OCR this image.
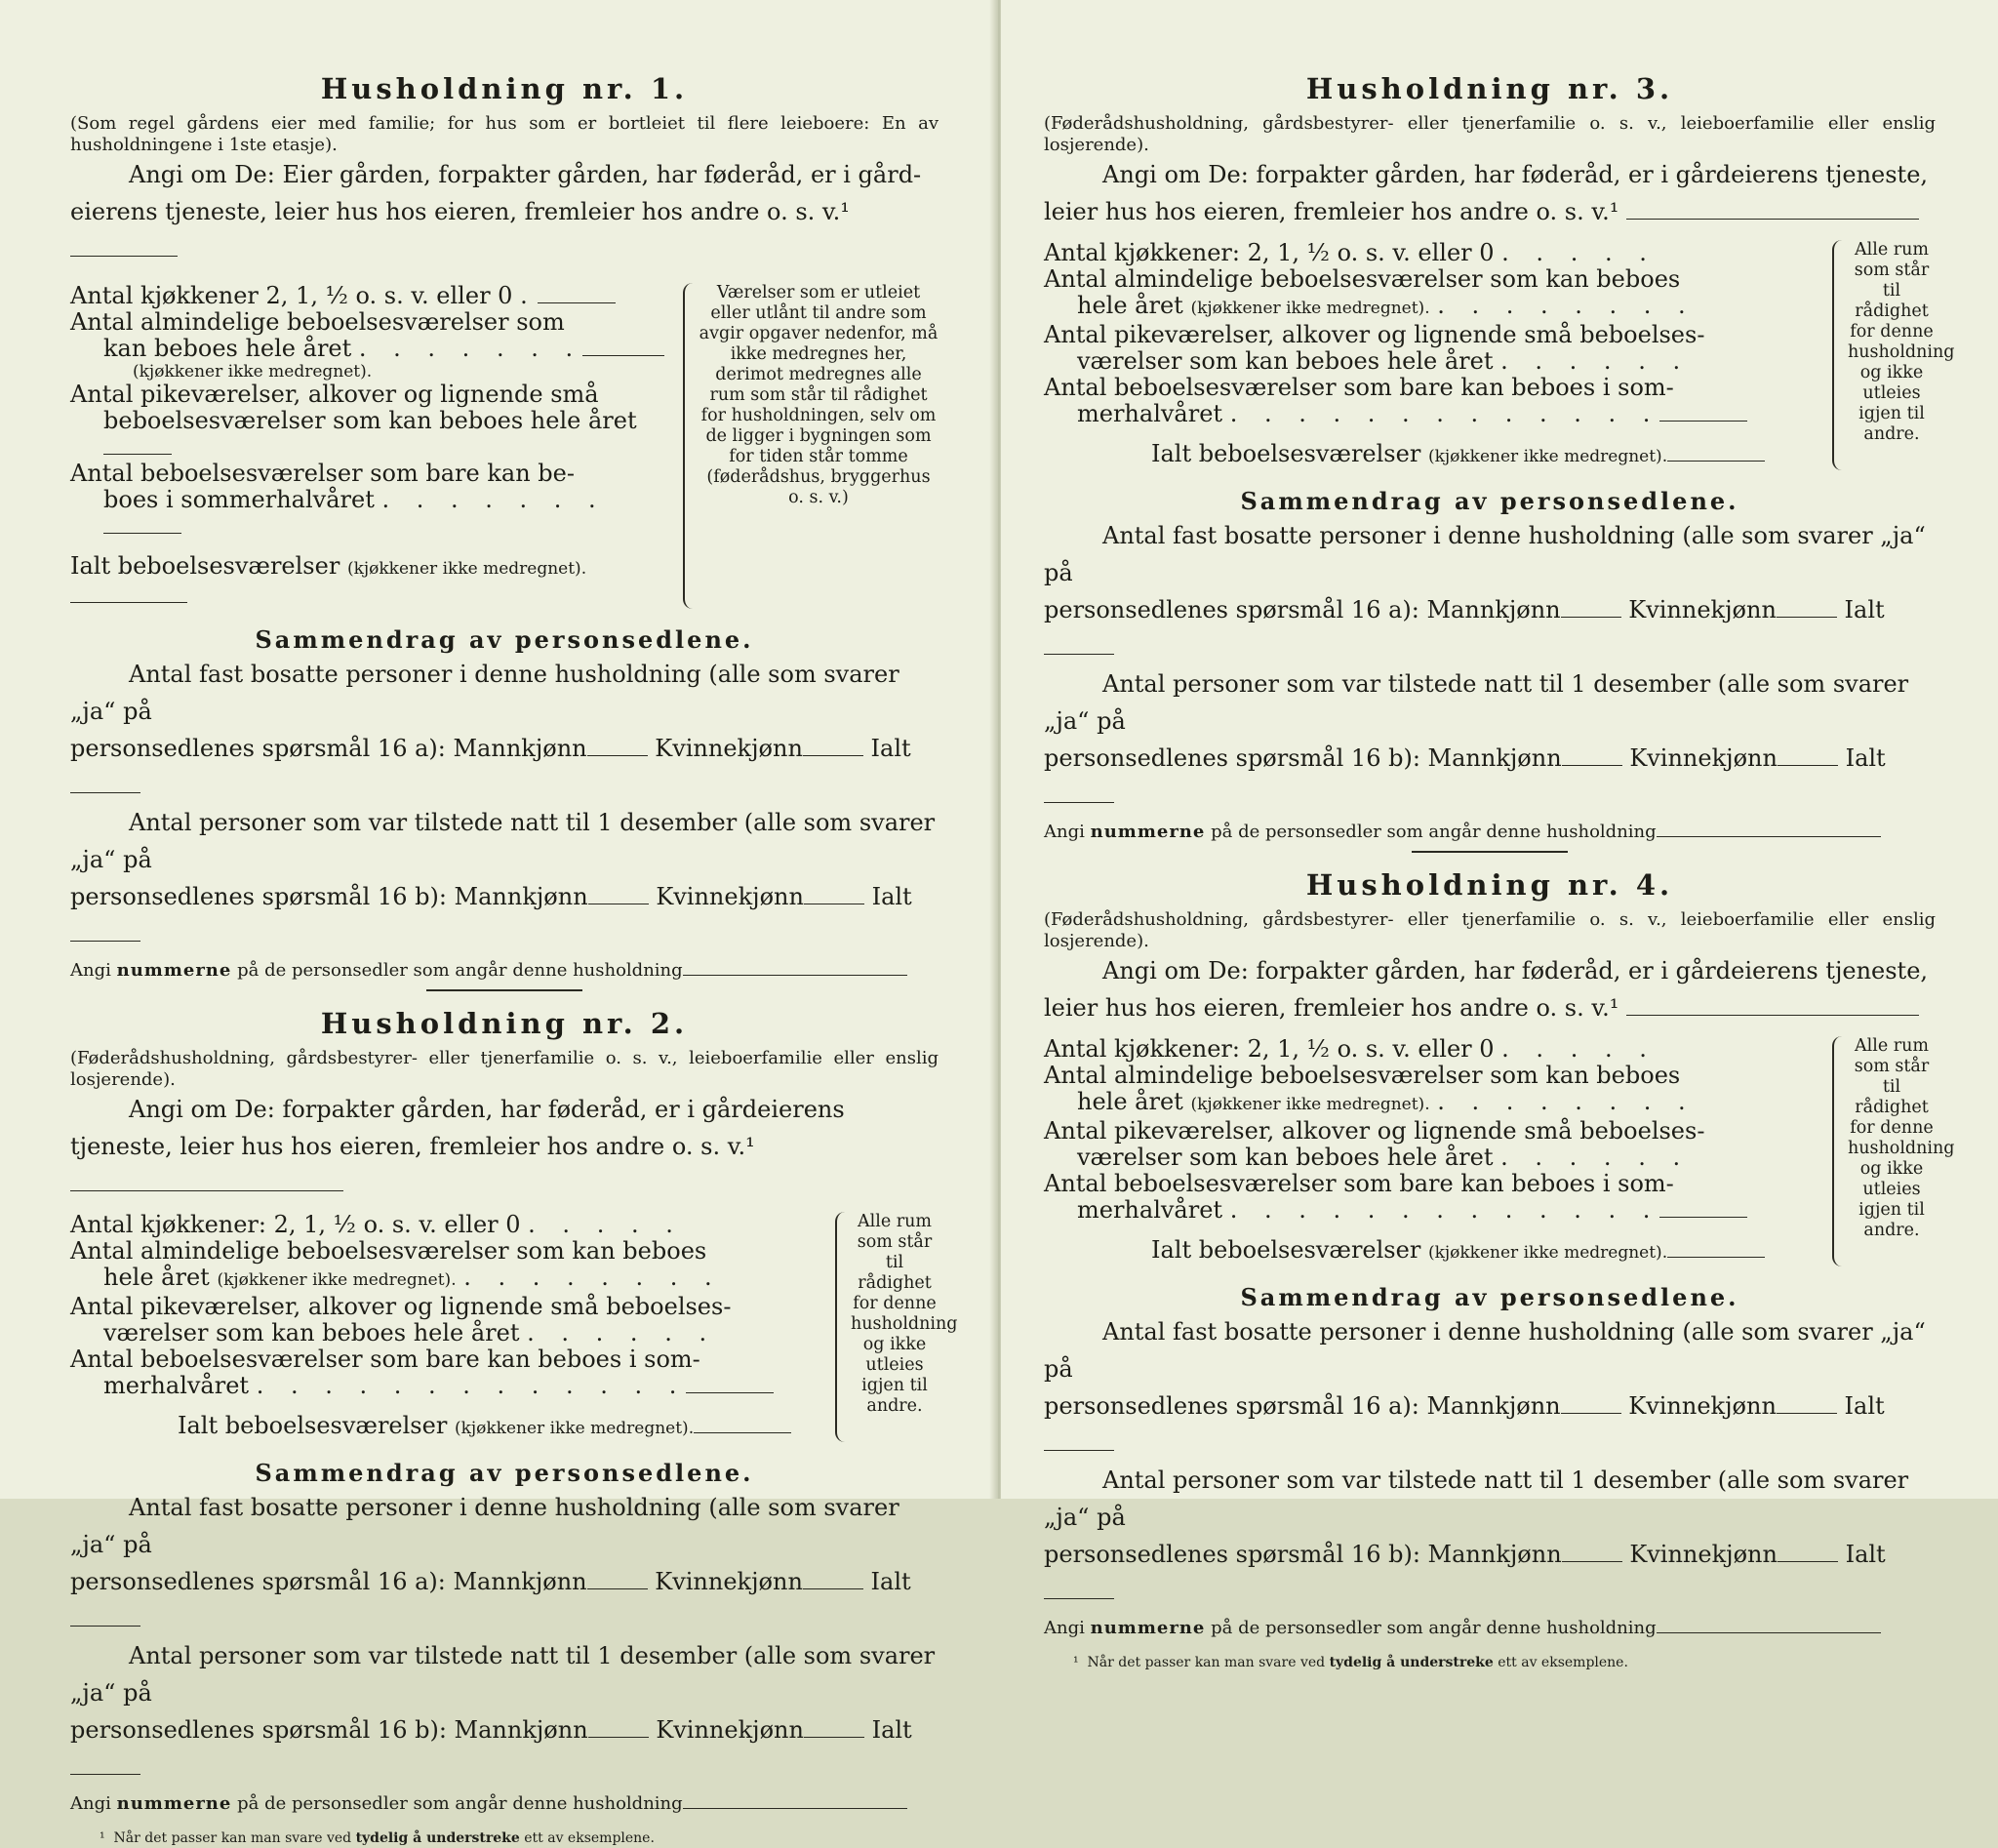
Husholdning nr. 1.
(Som regel gårdens eier med familie; for hus som er bortleiet til flere leieboere: En av husholdningene i 1ste etasje).
Angi om De: Eier gården, forpakter gården, har føderåd, er i gård-eierens tjeneste, leier hus hos eieren, fremleier hos andre o. s. v.¹
Antal kjøkkener 2, 1, ½ o. s. v. eller 0 .
Antal almindelige beboelsesværelser som
kan beboes hele året . . . . . . .
(kjøkkener ikke medregnet).
Antal pikeværelser, alkover og lignende små
beboelsesværelser som kan beboes hele året
Antal beboelsesværelser som bare kan be-
boes i sommerhalvåret . . . . . . .
Ialt beboelsesværelser (kjøkkener ikke medregnet).
Værelser som er utleiet eller utlånt til andre som avgir opgaver nedenfor, må ikke medregnes her, derimot medregnes alle rum som står til rådighet for husholdningen, selv om de ligger i bygningen som for tiden står tomme (føderådshus, bryggerhus o. s. v.)
Sammendrag av personsedlene.

Antal fast bosatte personer i denne husholdning (alle som svarer „ja“ på

personsedlenes spørsmål 16 a): Mannkjønn	Kvinnekjønn	Ialt

Antal personer som var tilstede natt til 1 desember (alle som svarer „ja“ på

personsedlenes spørsmål 16 b): Mannkjønn	Kvinnekjønn	Ialt

Angi nummerne på de personsedler som angår denne husholdning
Husholdning nr. 2.
(Føderådshusholdning, gårdsbestyrer- eller tjenerfamilie o. s. v., leieboerfamilie eller enslig losjerende).
Angi om De: forpakter gården, har føderåd, er i gårdeierens tjeneste, leier hus hos eieren, fremleier hos andre o. s. v.¹
Antal kjøkkener: 2, 1, ½ o. s. v. eller 0 . . . . .
Antal almindelige beboelsesværelser som kan beboes
hele året (kjøkkener ikke medregnet). . . . . . . . .
Antal pikeværelser, alkover og lignende små beboelses-
værelser som kan beboes hele året . . . . . .
Antal beboelsesværelser som bare kan beboes i som-
merhalvåret . . . . . . . . . . . . .
Ialt beboelsesværelser (kjøkkener ikke medregnet).
Alle rum som står til rådighet for denne husholdning og ikke utleies igjen til andre.
Sammendrag av personsedlene.

Antal fast bosatte personer i denne husholdning (alle som svarer „ja“ på

personsedlenes spørsmål 16 a): Mannkjønn	Kvinnekjønn	Ialt

Antal personer som var tilstede natt til 1 desember (alle som svarer „ja“ på

personsedlenes spørsmål 16 b): Mannkjønn	Kvinnekjønn	Ialt

Angi nummerne på de personsedler som angår denne husholdning
¹ Når det passer kan man svare ved tydelig å understreke ett av eksemplene.
Husholdning nr. 3.
(Føderådshusholdning, gårdsbestyrer- eller tjenerfamilie o. s. v., leieboerfamilie eller enslig losjerende).
Angi om De: forpakter gården, har føderåd, er i gårdeierens tjeneste, leier hus hos eieren, fremleier hos andre o. s. v.¹
Antal kjøkkener: 2, 1, ½ o. s. v. eller 0 . . . . .
Antal almindelige beboelsesværelser som kan beboes
hele året (kjøkkener ikke medregnet). . . . . . . . .
Antal pikeværelser, alkover og lignende små beboelses-
værelser som kan beboes hele året . . . . . .
Antal beboelsesværelser som bare kan beboes i som-
merhalvåret . . . . . . . . . . . . .
Ialt beboelsesværelser (kjøkkener ikke medregnet).
Alle rum som står til rådighet for denne husholdning og ikke utleies igjen til andre.
Sammendrag av personsedlene.

Antal fast bosatte personer i denne husholdning (alle som svarer „ja“ på

personsedlenes spørsmål 16 a): Mannkjønn	Kvinnekjønn	Ialt

Antal personer som var tilstede natt til 1 desember (alle som svarer „ja“ på

personsedlenes spørsmål 16 b): Mannkjønn	Kvinnekjønn	Ialt

Angi nummerne på de personsedler som angår denne husholdning
Husholdning nr. 4.
(Føderådshusholdning, gårdsbestyrer- eller tjenerfamilie o. s. v., leieboerfamilie eller enslig losjerende).
Angi om De: forpakter gården, har føderåd, er i gårdeierens tjeneste, leier hus hos eieren, fremleier hos andre o. s. v.¹
Antal kjøkkener: 2, 1, ½ o. s. v. eller 0 . . . . .
Antal almindelige beboelsesværelser som kan beboes
hele året (kjøkkener ikke medregnet). . . . . . . . .
Antal pikeværelser, alkover og lignende små beboelses-
værelser som kan beboes hele året . . . . . .
Antal beboelsesværelser som bare kan beboes i som-
merhalvåret . . . . . . . . . . . . .
Ialt beboelsesværelser (kjøkkener ikke medregnet).
Alle rum som står til rådighet for denne husholdning og ikke utleies igjen til andre.
Sammendrag av personsedlene.

Antal fast bosatte personer i denne husholdning (alle som svarer „ja“ på

personsedlenes spørsmål 16 a): Mannkjønn	Kvinnekjønn	Ialt

Antal personer som var tilstede natt til 1 desember (alle som svarer „ja“ på

personsedlenes spørsmål 16 b): Mannkjønn	Kvinnekjønn	Ialt

Angi nummerne på de personsedler som angår denne husholdning
¹ Når det passer kan man svare ved tydelig å understreke ett av eksemplene.
